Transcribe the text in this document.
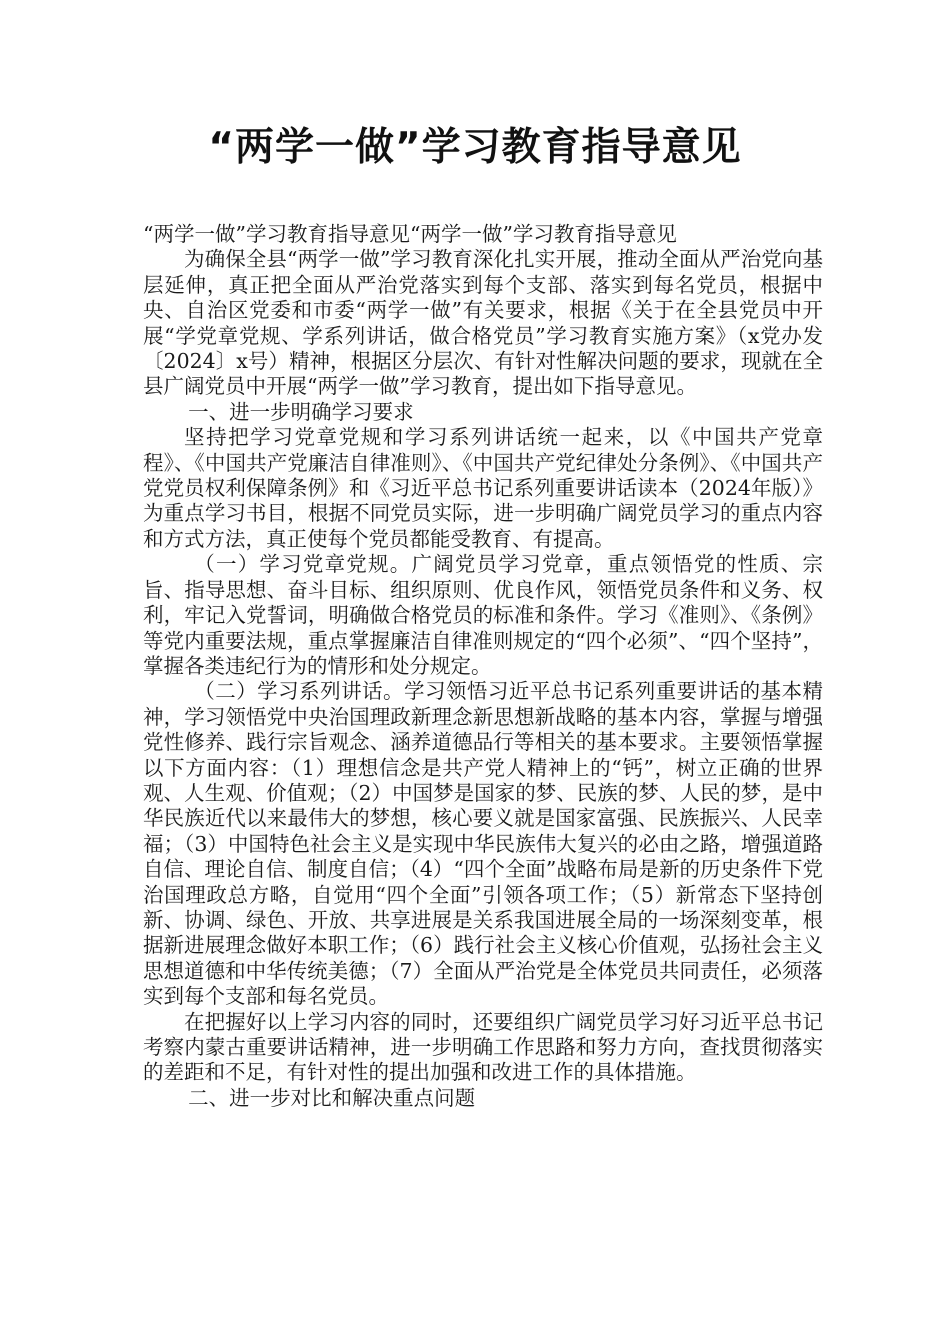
“两学一做”学习教育指导意见

“两学一做”学习教育指导意见“两学一做”学习教育指导意见

为确保全县“两学一做”学习教育深化扎实开展，推动全面从严治党向基层延伸，真正把全面从严治党落实到每个支部、落实到每名党员，根据中央、自治区党委和市委“两学一做”有关要求，根据《关于在全县党员中开展“学党章党规、学系列讲话，做合格党员”学习教育实施方案》（x党办发〔2024〕x号）精神，根据区分层次、有针对性解决问题的要求，现就在全县广阔党员中开展“两学一做”学习教育，提出如下指导意见。

一、进一步明确学习要求

坚持把学习党章党规和学习系列讲话统一起来，以《中国共产党章程》、《中国共产党廉洁自律准则》、《中国共产党纪律处分条例》、《中国共产党党员权利保障条例》和《习近平总书记系列重要讲话读本（2024年版）》为重点学习书目，根据不同党员实际，进一步明确广阔党员学习的重点内容和方式方法，真正使每个党员都能受教育、有提高。

（一）学习党章党规。广阔党员学习党章，重点领悟党的性质、宗旨、指导思想、奋斗目标、组织原则、优良作风，领悟党员条件和义务、权利，牢记入党誓词，明确做合格党员的标准和条件。学习《准则》、《条例》等党内重要法规，重点掌握廉洁自律准则规定的“四个必须”、“四个坚持”，掌握各类违纪行为的情形和处分规定。

（二）学习系列讲话。学习领悟习近平总书记系列重要讲话的基本精神，学习领悟党中央治国理政新理念新思想新战略的基本内容，掌握与增强党性修养、践行宗旨观念、涵养道德品行等相关的基本要求。主要领悟掌握以下方面内容：（1）理想信念是共产党人精神上的“钙”，树立正确的世界观、人生观、价值观；（2）中国梦是国家的梦、民族的梦、人民的梦，是中华民族近代以来最伟大的梦想，核心要义就是国家富强、民族振兴、人民幸福；（3）中国特色社会主义是实现中华民族伟大复兴的必由之路，增强道路自信、理论自信、制度自信；（4）“四个全面”战略布局是新的历史条件下党治国理政总方略，自觉用“四个全面”引领各项工作；（5）新常态下坚持创新、协调、绿色、开放、共享进展是关系我国进展全局的一场深刻变革，根据新进展理念做好本职工作；（6）践行社会主义核心价值观，弘扬社会主义思想道德和中华传统美德；（7）全面从严治党是全体党员共同责任，必须落实到每个支部和每名党员。

在把握好以上学习内容的同时，还要组织广阔党员学习好习近平总书记考察内蒙古重要讲话精神，进一步明确工作思路和努力方向，查找贯彻落实的差距和不足，有针对性的提出加强和改进工作的具体措施。

二、进一步对比和解决重点问题
